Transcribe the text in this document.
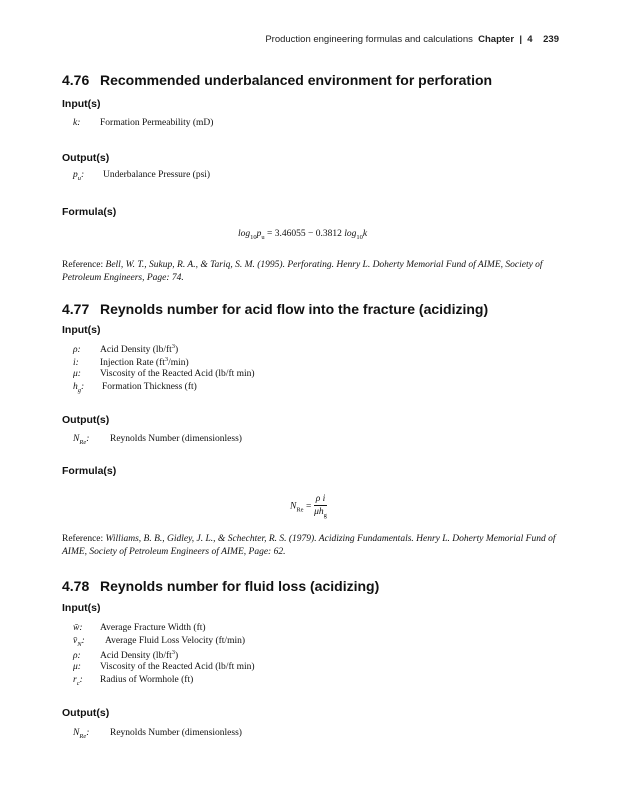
Production engineering formulas and calculations Chapter | 4 239
4.76 Recommended underbalanced environment for perforation
Input(s)
k: Formation Permeability (mD)
Output(s)
$p_u$: Underbalance Pressure (psi)
Formula(s)
$\log_{10}p_u = 3.46055 - 0.3812$ $\log_{10}k$
Reference: Bell, W. T., Sukup, R. A., & Tariq, S. M. (1995). Perforating. Henry L. Doherty Memorial Fund of AIME, Society of Petroleum Engineers, Page: 74.
4.77 Reynolds number for acid flow into the fracture (acidizing)
Input(s)
ρ: Acid Density $(lb/ft^3)$
i: Injection Rate $(ft^3/\min)$
μ: Viscosity of the Reacted Acid (lb/ft min)
$h_g$: Formation Thickness (ft)
Output(s)
$N_{Re}$: Reynolds Number (dimensionless)
Formula(s)
$N_{Re} = \frac{\text{ρ i}}{\mu h_g}$
Reference: Williams, B. B., Gidley, J. L., & Schechter, R. S. (1979). Acidizing Fundamentals. Henry L. Doherty Memorial Fund of AIME, Society of Petroleum Engineers of AIME, Page: 62.
4.78 Reynolds number for fluid loss (acidizing)
Input(s)
w̄: Average Fracture Width (ft)
$v̄_N$: Average Fluid Loss Velocity (ft/min)
ρ: Acid Density $(lb/ft^3)$
μ: Viscosity of the Reacted Acid (lb/ft min)
$r_c$: Radius of Wormhole (ft)
Output(s)
$N_{Re}$: Reynolds Number (dimensionless)
